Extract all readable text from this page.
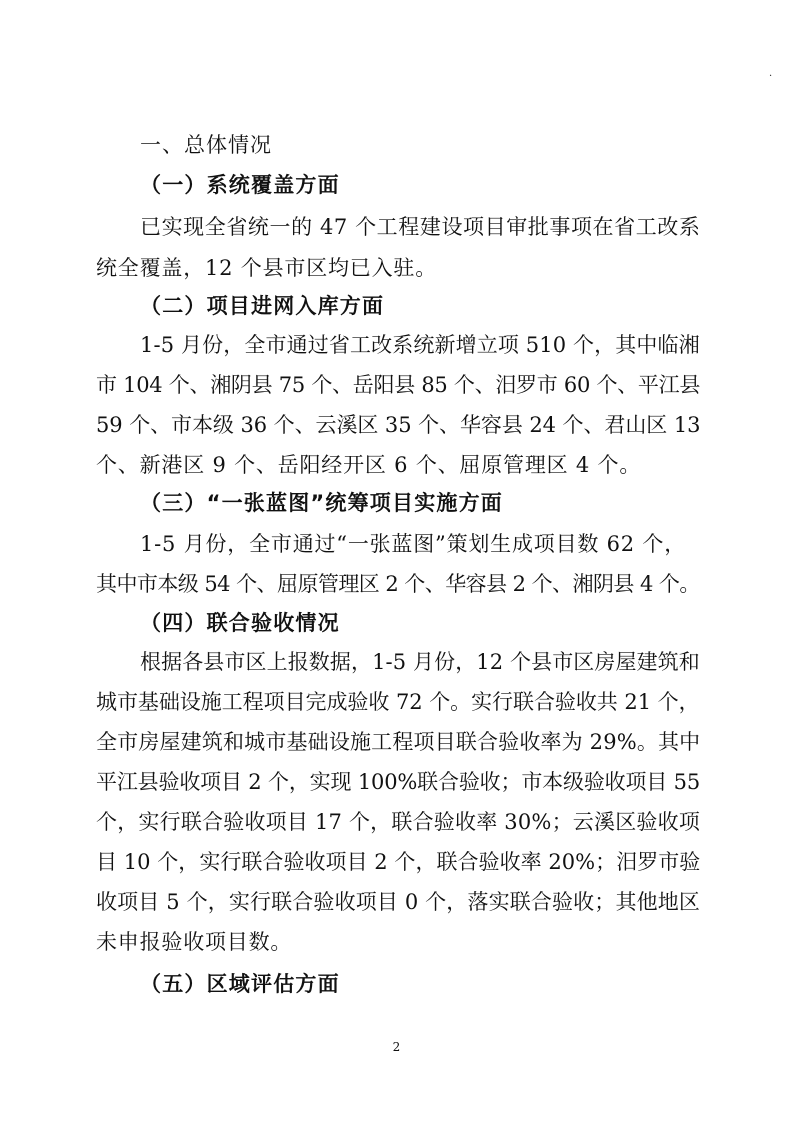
·
一、总体情况
（一）系统覆盖方面
已实现全省统一的 47 个工程建设项目审批事项在省工改系
统全覆盖，12 个县市区均已入驻。
（二）项目进网入库方面
1-5 月份，全市通过省工改系统新增立项 510 个，其中临湘
市 104 个、湘阴县 75 个、岳阳县 85 个、汨罗市 60 个、平江县
59 个、市本级 36 个、云溪区 35 个、华容县 24 个、君山区 13
个、新港区 9 个、岳阳经开区 6 个、屈原管理区 4 个。
（三）“一张蓝图”统筹项目实施方面
1-5 月份，全市通过“一张蓝图”策划生成项目数 62 个，
其中市本级 54 个、屈原管理区 2 个、华容县 2 个、湘阴县 4 个。
（四）联合验收情况
根据各县市区上报数据，1-5 月份，12 个县市区房屋建筑和
城市基础设施工程项目完成验收 72 个。实行联合验收共 21 个，
全市房屋建筑和城市基础设施工程项目联合验收率为 29%。其中
平江县验收项目 2 个，实现 100%联合验收；市本级验收项目 55
个，实行联合验收项目 17 个，联合验收率 30%；云溪区验收项
目 10 个，实行联合验收项目 2 个，联合验收率 20%；汨罗市验
收项目 5 个，实行联合验收项目 0 个，落实联合验收；其他地区
未申报验收项目数。
（五）区域评估方面
2
